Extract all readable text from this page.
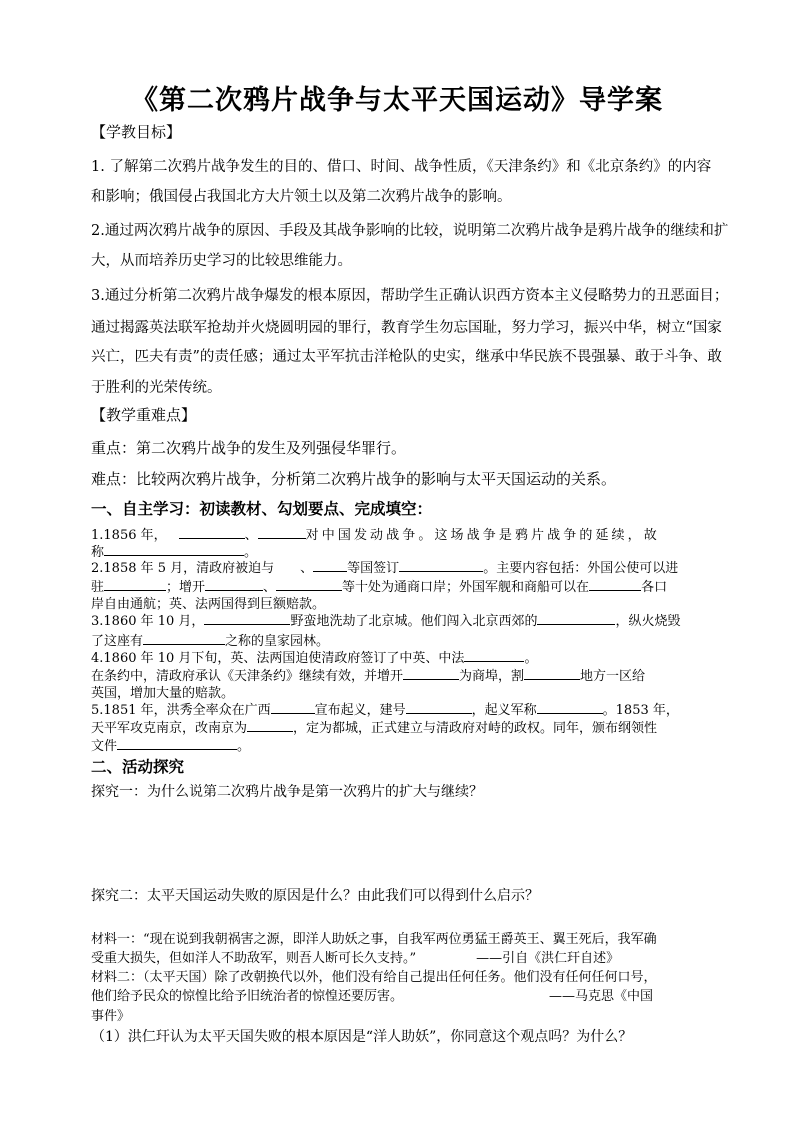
《第二次鸦片战争与太平天国运动》导学案
【学教目标】
1. 了解第二次鸦片战争发生的目的、借口、时间、战争性质，《天津条约》和《北京条约》的内容
和影响；俄国侵占我国北方大片领土以及第二次鸦片战争的影响。
2.通过两次鸦片战争的原因、手段及其战争影响的比较，说明第二次鸦片战争是鸦片战争的继续和扩
大，从而培养历史学习的比较思维能力。
3.通过分析第二次鸦片战争爆发的根本原因，帮助学生正确认识西方资本主义侵略势力的丑恶面目；
通过揭露英法联军抢劫并火烧圆明园的罪行，教育学生勿忘国耻，努力学习，振兴中华，树立“国家
兴亡，匹夫有责”的责任感；通过太平军抗击洋枪队的史实，继承中华民族不畏强暴、敢于斗争、敢
于胜利的光荣传统。
【教学重难点】
重点：第二次鸦片战争的发生及列强侵华罪行。
难点：比较两次鸦片战争，分析第二次鸦片战争的影响与太平天国运动的关系。
一、自主学习：初读教材、勾划要点、完成填空：
1.1856 年，	、	对中国发动战争。这场战争是鸦片战争的延续，故
称	。
2.1858 年 5 月，清政府被迫与 、	等国签订	。主要内容包括：外国公使可以进
驻	；增开	、	等十处为通商口岸；外国军舰和商船可以在	各口
岸自由通航；英、法两国得到巨额赔款。
3.1860 年 10 月，	野蛮地洗劫了北京城。他们闯入北京西郊的	，纵火烧毁
了这座有	之称的皇家园林。
4.1860 年 10 月下旬，英、法两国迫使清政府签订了中英、中法	。
在条约中，清政府承认《天津条约》继续有效，并增开	为商埠，割	地方一区给
英国，增加大量的赔款。
5.1851 年，洪秀全率众在广西	宣布起义，建号	，起义军称	。1853 年，
天平军攻克南京，改南京为	，定为都城，正式建立与清政府对峙的政权。同年，颁布纲领性
文件	。
二、活动探究
探究一：为什么说第二次鸦片战争是第一次鸦片的扩大与继续？
探究二：太平天国运动失败的原因是什么？由此我们可以得到什么启示？
材料一：“现在说到我朝祸害之源，即洋人助妖之事，自我军两位勇猛王爵英王、翼王死后，我军确
受重大损失，但如洋人不助敌军，则吾人断可长久支持。”	——引自《洪仁玕自述》
材料二：（太平天国）除了改朝换代以外，他们没有给自己提出任何任务。他们没有任何任何口号，
他们给予民众的惊惶比给予旧统治者的惊惶还要厉害。	——马克思《中国
事件》
（1）洪仁玕认为太平天国失败的根本原因是“洋人助妖”，你同意这个观点吗？为什么？
